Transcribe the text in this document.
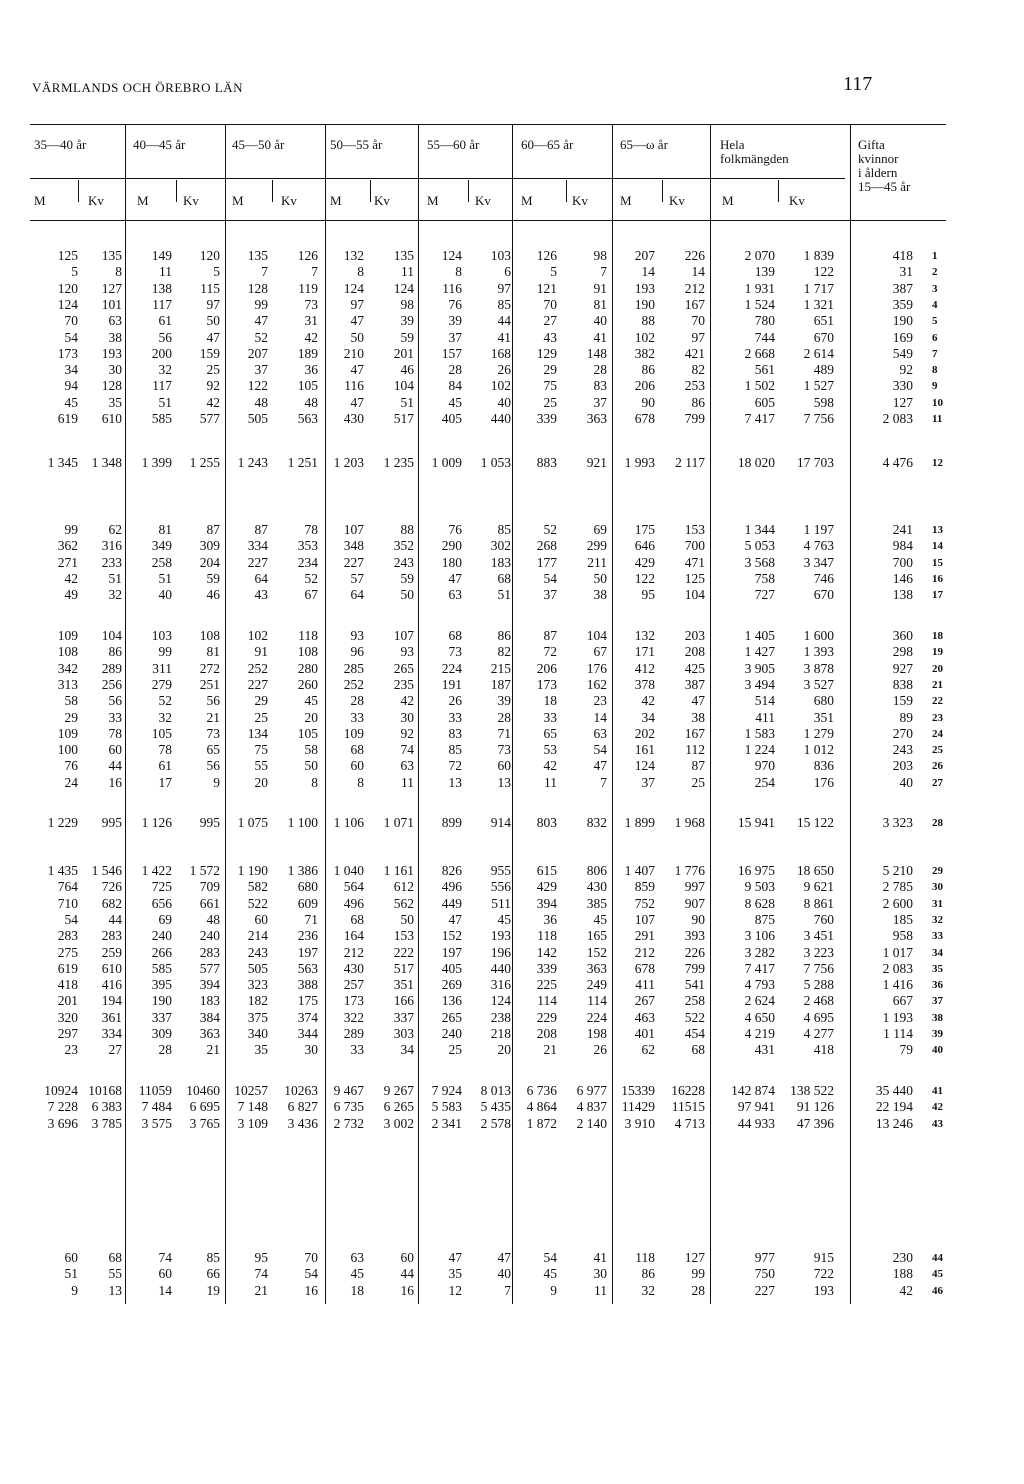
VÄRMLANDS OCH ÖREBRO LÄN	117
35—40 år	40—45 år	45—50 år	50—55 år	55—60 år	60—65 år	65—ω år	Hela
folkmängden
Gifta
kvinnor
i åldern
15—45 år
M	Kv	M	Kv	M	Kv	M Kv	M	Kv M	Kv M	Kv	M	Kv
125	135	149	120	135	126	132	135	124	103	126	98	207	226	2 070	1 839	418 1
5	8	11	5	7	7	8	11	8	6	5	7	14	14	139	122	31 2
120	127	138	115	128	119	124	124	116	97	121	91	193	212	1 931	1 717	387 3
124	101	117	97	99	73	97	98	76	85	70	81	190	167	1 524	1 321	359 4
70	63	61	50	47	31	47	39	39	44	27	40	88	70	780	651	190 5
54	38	56	47	52	42	50	59	37	41	43	41	102	97	744	670	169 6
173	193	200	159	207	189	210	201	157	168	129	148	382	421	2 668	2 614	549 7
34	30	32	25	37	36	47	46	28	26	29	28	86	82	561	489	92 8
94	128	117	92	122	105	116	104	84	102	75	83	206	253	1 502	1 527	330 9
45	35	51	42	48	48	47	51	45	40	25	37	90	86	605	598	127 10
619	610	585	577	505	563	430	517	405	440	339	363	678	799	7 417	7 756	2 083 11
1 345	1 348	1 399	1 255	1 243	1 251	1 203	1 235	1 009	1 053	883	921	1 993	2 117	18 020	17 703	4 476 12
99	62	81	87	87	78	107	88	76	85	52	69	175	153	1 344	1 197	241 13
362	316	349	309	334	353	348	352	290	302	268	299	646	700	5 053	4 763	984 14
271	233	258	204	227	234	227	243	180	183	177	211	429	471	3 568	3 347	700 15
42	51	51	59	64	52	57	59	47	68	54	50	122	125	758	746	146 16
49	32	40	46	43	67	64	50	63	51	37	38	95	104	727	670	138 17
109	104	103	108	102	118	93	107	68	86	87	104	132	203	1 405	1 600	360 18
108	86	99	81	91	108	96	93	73	82	72	67	171	208	1 427	1 393	298 19
342	289	311	272	252	280	285	265	224	215	206	176	412	425	3 905	3 878	927 20
313	256	279	251	227	260	252	235	191	187	173	162	378	387	3 494	3 527	838 21
58	56	52	56	29	45	28	42	26	39	18	23	42	47	514	680	159 22
29	33	32	21	25	20	33	30	33	28	33	14	34	38	411	351	89 23
109	78	105	73	134	105	109	92	83	71	65	63	202	167	1 583	1 279	270 24
100	60	78	65	75	58	68	74	85	73	53	54	161	112	1 224	1 012	243 25
76	44	61	56	55	50	60	63	72	60	42	47	124	87	970	836	203 26
24	16	17	9	20	8	8	11	13	13	11	7	37	25	254	176	40 27
1 229	995	1 126	995	1 075	1 100	1 106	1 071	899	914	803	832	1 899	1 968	15 941	15 122	3 323 28
1 435	1 546	1 422	1 572	1 190	1 386	1 040	1 161	826	955	615	806	1 407	1 776	16 975	18 650	5 210 29
764	726	725	709	582	680	564	612	496	556	429	430	859	997	9 503	9 621	2 785 30
710	682	656	661	522	609	496	562	449	511	394	385	752	907	8 628	8 861	2 600 31
54	44	69	48	60	71	68	50	47	45	36	45	107	90	875	760	185 32
283	283	240	240	214	236	164	153	152	193	118	165	291	393	3 106	3 451	958 33
275	259	266	283	243	197	212	222	197	196	142	152	212	226	3 282	3 223	1 017 34
619	610	585	577	505	563	430	517	405	440	339	363	678	799	7 417	7 756	2 083 35
418	416	395	394	323	388	257	351	269	316	225	249	411	541	4 793	5 288	1 416 36
201	194	190	183	182	175	173	166	136	124	114	114	267	258	2 624	2 468	667 37
320	361	337	384	375	374	322	337	265	238	229	224	463	522	4 650	4 695	1 193 38
297	334	309	363	340	344	289	303	240	218	208	198	401	454	4 219	4 277	1 114 39
23	27	28	21	35	30	33	34	25	20	21	26	62	68	431	418	79 40
10924 10168	11059	10460	10257	10263	9 467	9 267	7 924	8 013	6 736	6 977	15339	16228	142 874	138 522	35 440 41
7 228	6 383	7 484	6 695	7 148	6 827	6 735	6 265	5 583	5 435	4 864	4 837	11429	11515	97 941	91 126	22 194 42
3 696	3 785	3 575	3 765	3 109	3 436	2 732	3 002	2 341	2 578	1 872	2 140	3 910	4 713	44 933	47 396	13 246 43
60	68	74	85	95	70	63	60	47	47	54	41	118	127	977	915	230 44
51	55	60	66	74	54	45	44	35	40	45	30	86	99	750	722	188 45
9	13	14	19	21	16	18	16	12	7	9	11	32	28	227	193	42 46
